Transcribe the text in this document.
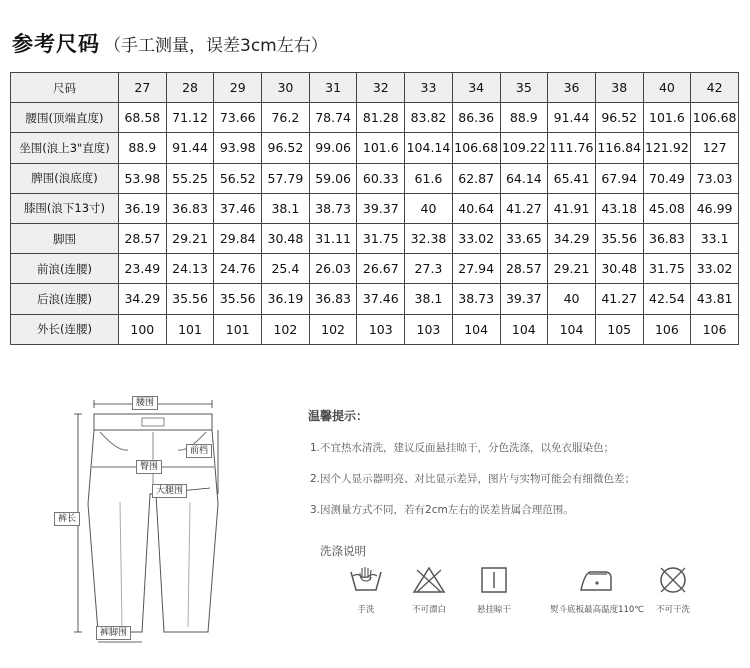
参考尺码 （手工测量，误差3cm左右）
尺码	27	28	29	30	31	32	33	34	35	36	38	40	42
腰围(顶端直度)	68.58	71.12	73.66	76.2	78.74	81.28	83.82	86.36	88.9	91.44	96.52	101.6	106.68
坐围(浪上3"直度)	88.9	91.44	93.98	96.52	99.06	101.6	104.14	106.68	109.22	111.76	116.84	121.92	127
脾围(浪底度)	53.98	55.25	56.52	57.79	59.06	60.33	61.6	62.87	64.14	65.41	67.94	70.49	73.03
膝围(浪下13寸)	36.19	36.83	37.46	38.1	38.73	39.37	40	40.64	41.27	41.91	43.18	45.08	46.99
脚围	28.57	29.21	29.84	30.48	31.11	31.75	32.38	33.02	33.65	34.29	35.56	36.83	33.1
前浪(连腰)	23.49	24.13	24.76	25.4	26.03	26.67	27.3	27.94	28.57	29.21	30.48	31.75	33.02
后浪(连腰)	34.29	35.56	35.56	36.19	36.83	37.46	38.1	38.73	39.37	40	41.27	42.54	43.81
外长(连腰)	100	101	101	102	102	103	103	104	104	104	105	106	106
腰围
臀围
前档
大腿围
裤长
裤脚围
温馨提示：
1.不宜热水清洗，建议反面悬挂晾干，分色洗涤，以免衣服染色；
2.因个人显示器明亮、对比显示差异，图片与实物可能会有细微色差；
3.因测量方式不同，若有2cm左右的误差皆属合理范围。
洗涤说明
手洗	不可漂白	悬挂晾干	熨斗底板最高温度110℃	不可干洗
